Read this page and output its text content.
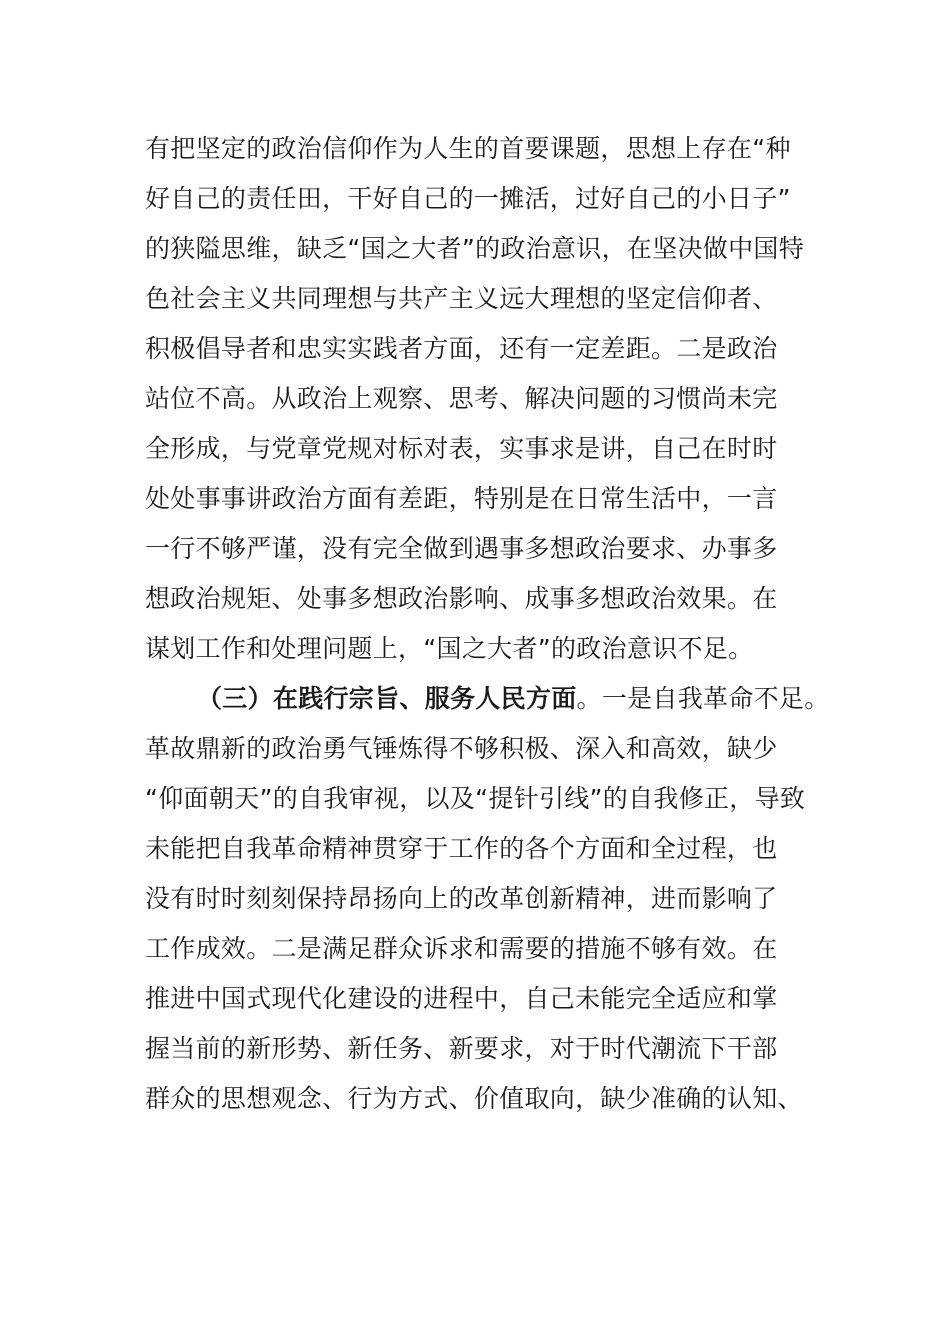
有把坚定的政治信仰作为人生的首要课题，思想上存在“种
好自己的责任田，干好自己的一摊活，过好自己的小日子”
的狭隘思维，缺乏“国之大者”的政治意识，在坚决做中国特
色社会主义共同理想与共产主义远大理想的坚定信仰者、
积极倡导者和忠实实践者方面，还有一定差距。二是政治
站位不高。从政治上观察、思考、解决问题的习惯尚未完
全形成，与党章党规对标对表，实事求是讲，自己在时时
处处事事讲政治方面有差距，特别是在日常生活中，一言
一行不够严谨，没有完全做到遇事多想政治要求、办事多
想政治规矩、处事多想政治影响、成事多想政治效果。在
谋划工作和处理问题上，“国之大者”的政治意识不足。
（三）在践行宗旨、服务人民方面。一是自我革命不足。
革故鼎新的政治勇气锤炼得不够积极、深入和高效，缺少
“仰面朝天”的自我审视，以及“提针引线”的自我修正，导致
未能把自我革命精神贯穿于工作的各个方面和全过程，也
没有时时刻刻保持昂扬向上的改革创新精神，进而影响了
工作成效。二是满足群众诉求和需要的措施不够有效。在
推进中国式现代化建设的进程中，自己未能完全适应和掌
握当前的新形势、新任务、新要求，对于时代潮流下干部
群众的思想观念、行为方式、价值取向，缺少准确的认知、
